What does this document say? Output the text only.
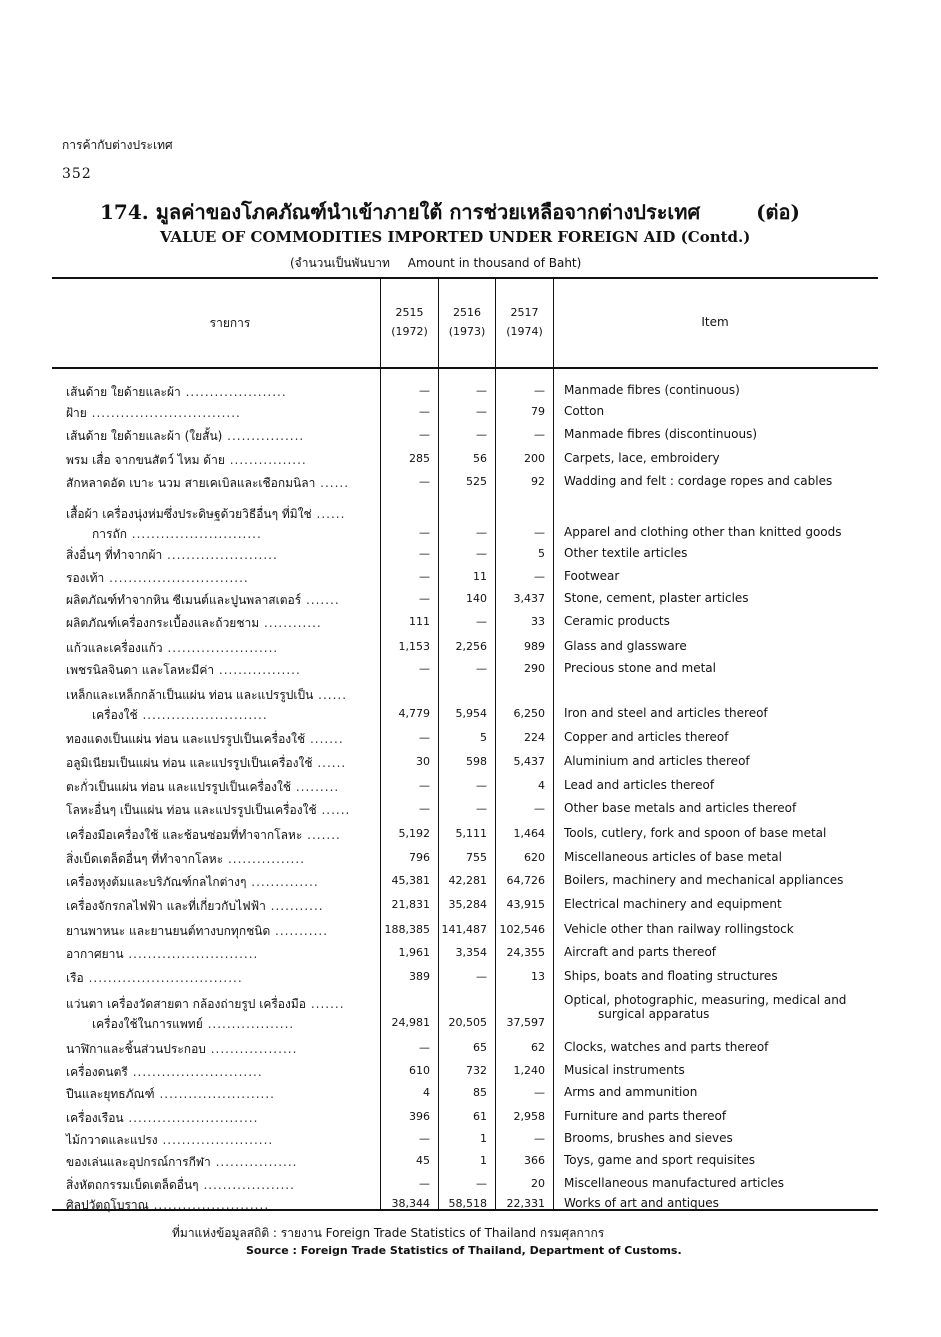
การค้ากับต่างประเทศ
352
174. มูลค่าของโภคภัณฑ์นำเข้าภายใต้ การช่วยเหลือจากต่างประเทศ	(ต่อ)
VALUE OF COMMODITIES IMPORTED UNDER FOREIGN AID (Contd.)
(จำนวนเป็นพันบาท Amount in thousand of Baht)
รายการ
2515
(1972)
2516
(1973)
2517
(1974)
Item
เส้นด้าย ใยด้ายและผ้า .....................	—	—	— Manmade fibres (continuous)
ฝ้าย ...............................	—	—	79 Cotton
เส้นด้าย ใยด้ายและผ้า (ใยสั้น) ................	—	—	— Manmade fibres (discontinuous)
พรม เสื่อ จากขนสัตว์ ไหม ด้าย ................	285	56	200 Carpets, lace, embroidery
สักหลาดอัด เบาะ นวม สายเคเบิลและเชือกมนิลา ......	—	525	92 Wadding and felt : cordage ropes and cables
เสื้อผ้า เครื่องนุ่งห่มซึ่งประดิษฐด้วยวิธีอื่นๆ ที่มิใช่ ......
การถัก ...........................	—	—	— Apparel and clothing other than knitted goods
สิ่งอื่นๆ ที่ทำจากผ้า .......................	—	—	5 Other textile articles
รองเท้า .............................	—	11	— Footwear
ผลิตภัณฑ์ทำจากหิน ซีเมนต์และปูนพลาสเตอร์ .......	—	140	3,437 Stone, cement, plaster articles
ผลิตภัณฑ์เครื่องกระเบื้องและถ้วยชาม ............	111	—	33 Ceramic products
แก้วและเครื่องแก้ว .......................	1,153	2,256	989 Glass and glassware
เพชรนิลจินดา และโลหะมีค่า .................	—	—	290 Precious stone and metal
เหล็กและเหล็กกล้าเป็นแผ่น ท่อน และแปรรูปเป็น ......
เครื่องใช้ ..........................	4,779	5,954	6,250 Iron and steel and articles thereof
ทองแดงเป็นแผ่น ท่อน และแปรรูปเป็นเครื่องใช้ .......	—	5	224 Copper and articles thereof
อลูมิเนียมเป็นแผ่น ท่อน และแปรรูปเป็นเครื่องใช้ ......	30	598	5,437 Aluminium and articles thereof
ตะกั่วเป็นแผ่น ท่อน และแปรรูปเป็นเครื่องใช้ .........	—	—	4 Lead and articles thereof
โลหะอื่นๆ เป็นแผ่น ท่อน และแปรรูปเป็นเครื่องใช้ ......	—	—	— Other base metals and articles thereof
เครื่องมือเครื่องใช้ และช้อนซ่อมที่ทำจากโลหะ .......	5,192	5,111	1,464 Tools, cutlery, fork and spoon of base metal
สิ่งเบ็ดเตล็ดอื่นๆ ที่ทำจากโลหะ ................	796	755	620 Miscellaneous articles of base metal
เครื่องหุงต้มและบริภัณฑ์กลไกต่างๆ ..............	45,381	42,281	64,726 Boilers, machinery and mechanical appliances
เครื่องจักรกลไฟฟ้า และที่เกี่ยวกับไฟฟ้า ...........	21,831	35,284	43,915 Electrical machinery and equipment
ยานพาหนะ และยานยนต์ทางบกทุกชนิด ...........	188,385 141,487 102,546 Vehicle other than railway rollingstock
อากาศยาน ...........................	1,961	3,354	24,355 Aircraft and parts thereof
เรือ ................................	389	—	13 Ships, boats and floating structures
แว่นตา เครื่องวัดสายตา กล้องถ่ายรูป เครื่องมือ .......
เครื่องใช้ในการแพทย์ ..................	24,981	20,505	37,597
Optical, photographic, measuring, medical and
surgical apparatus
นาฬิกาและชิ้นส่วนประกอบ ..................	—	65	62 Clocks, watches and parts thereof
เครื่องดนตรี ...........................	610	732	1,240 Musical instruments
ปืนและยุทธภัณฑ์ ........................	4	85	— Arms and ammunition
เครื่องเรือน ...........................	396	61	2,958 Furniture and parts thereof
ไม้กวาดและแปรง .......................	—	1	— Brooms, brushes and sieves
ของเล่นและอุปกรณ์การกีฬา .................	45	1	366 Toys, game and sport requisites
สิ่งหัตถกรรมเบ็ดเตล็ดอื่นๆ ...................	—	—	20 Miscellaneous manufactured articles
ศิลปวัตถุโบราณ ........................	38,344	58,518	22,331 Works of art and antiques
ที่มาแห่งข้อมูลสถิติ : รายงาน Foreign Trade Statistics of Thailand กรมศุลกากร
Source : Foreign Trade Statistics of Thailand, Department of Customs.
